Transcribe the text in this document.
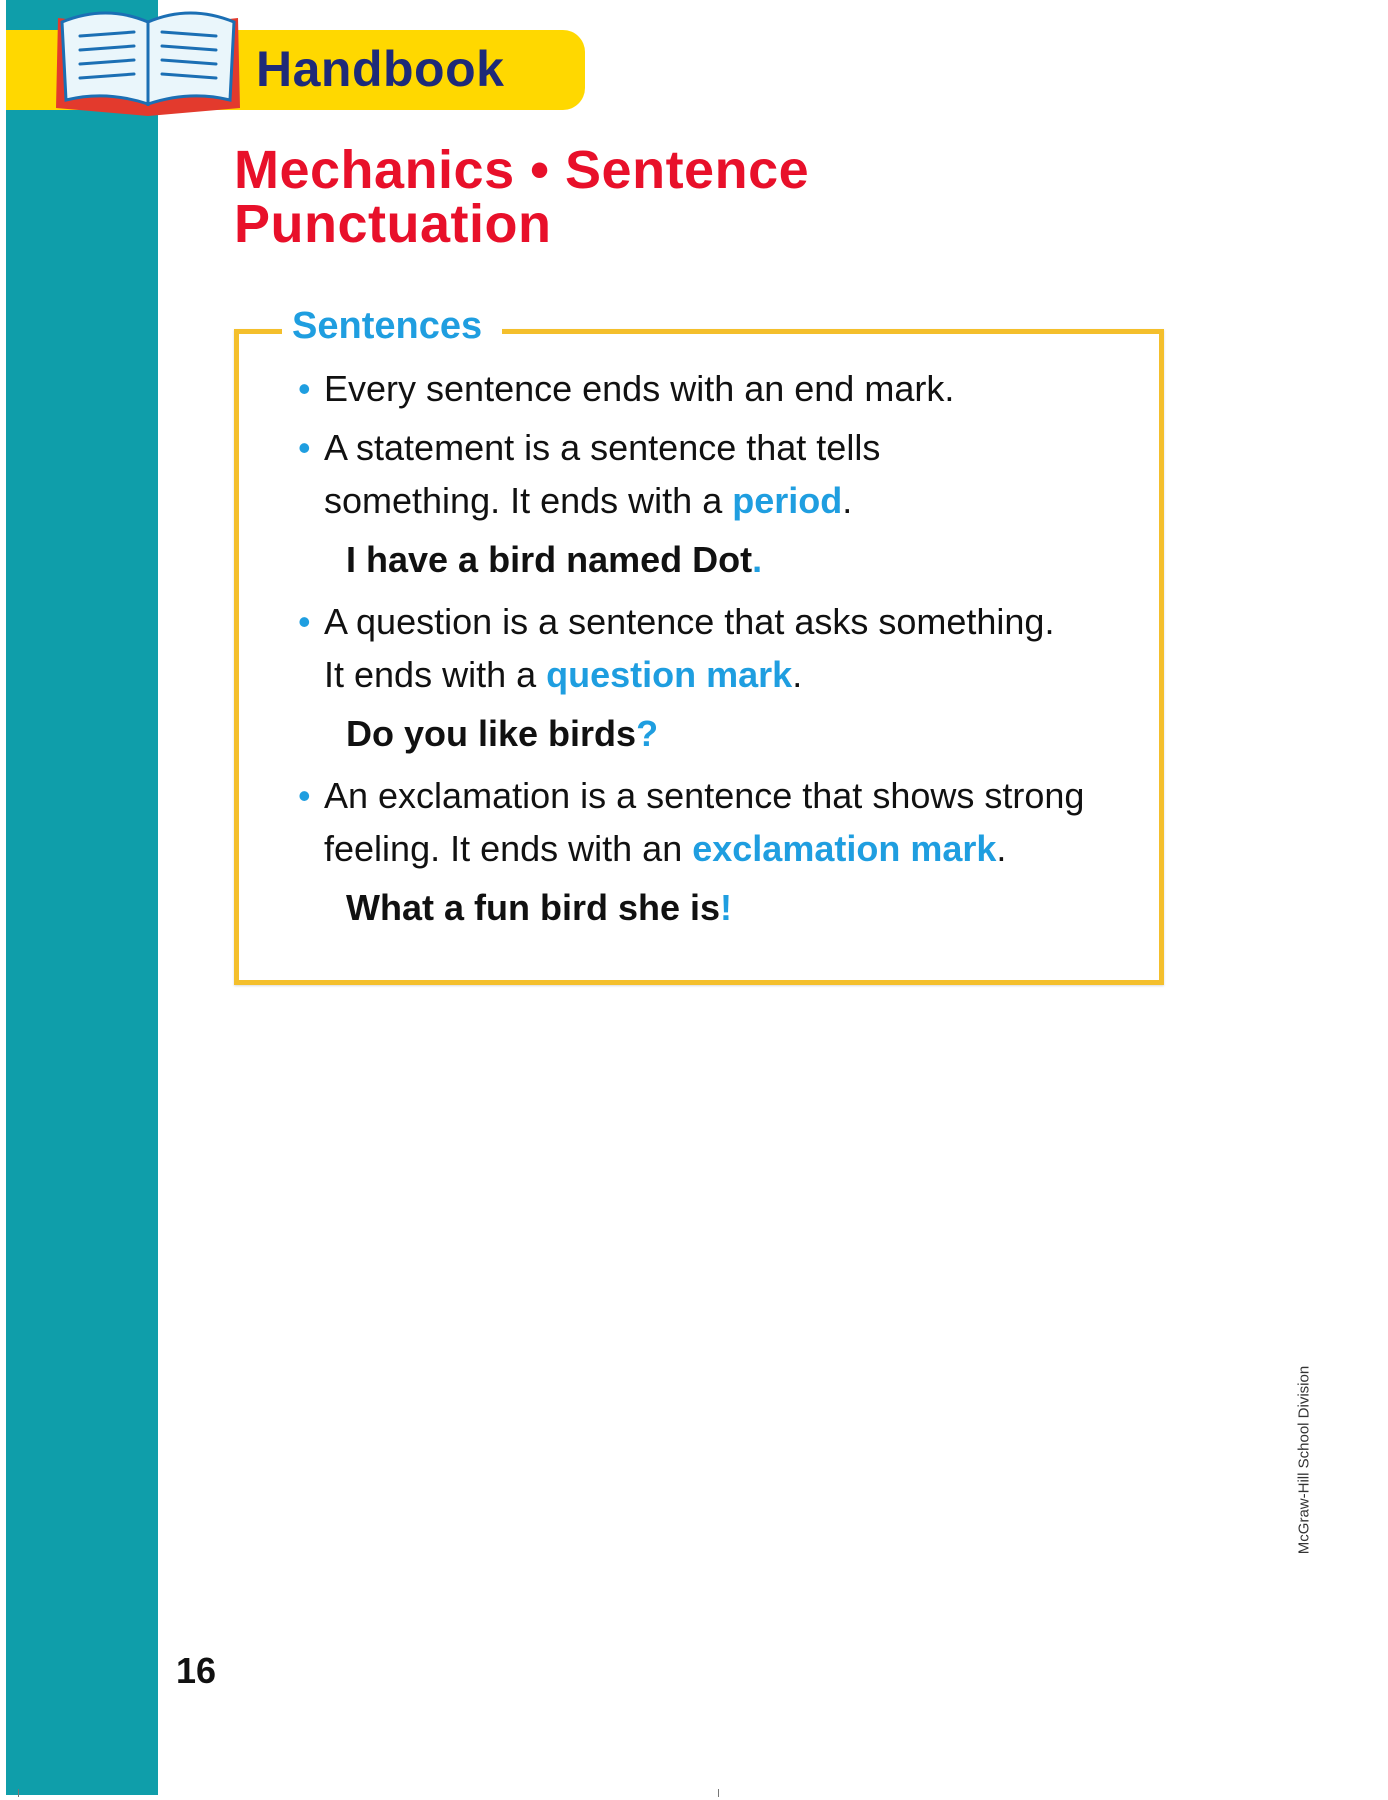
Handbook
Mechanics • Sentence
Punctuation
Sentences
• Every sentence ends with an end mark.
• A statement is a sentence that tells
something. It ends with a period.
I have a bird named Dot.
• A question is a sentence that asks something.
It ends with a question mark.
Do you like birds?
• An exclamation is a sentence that shows strong
feeling. It ends with an exclamation mark.
What a fun bird she is!
16
McGraw-Hill School Division
